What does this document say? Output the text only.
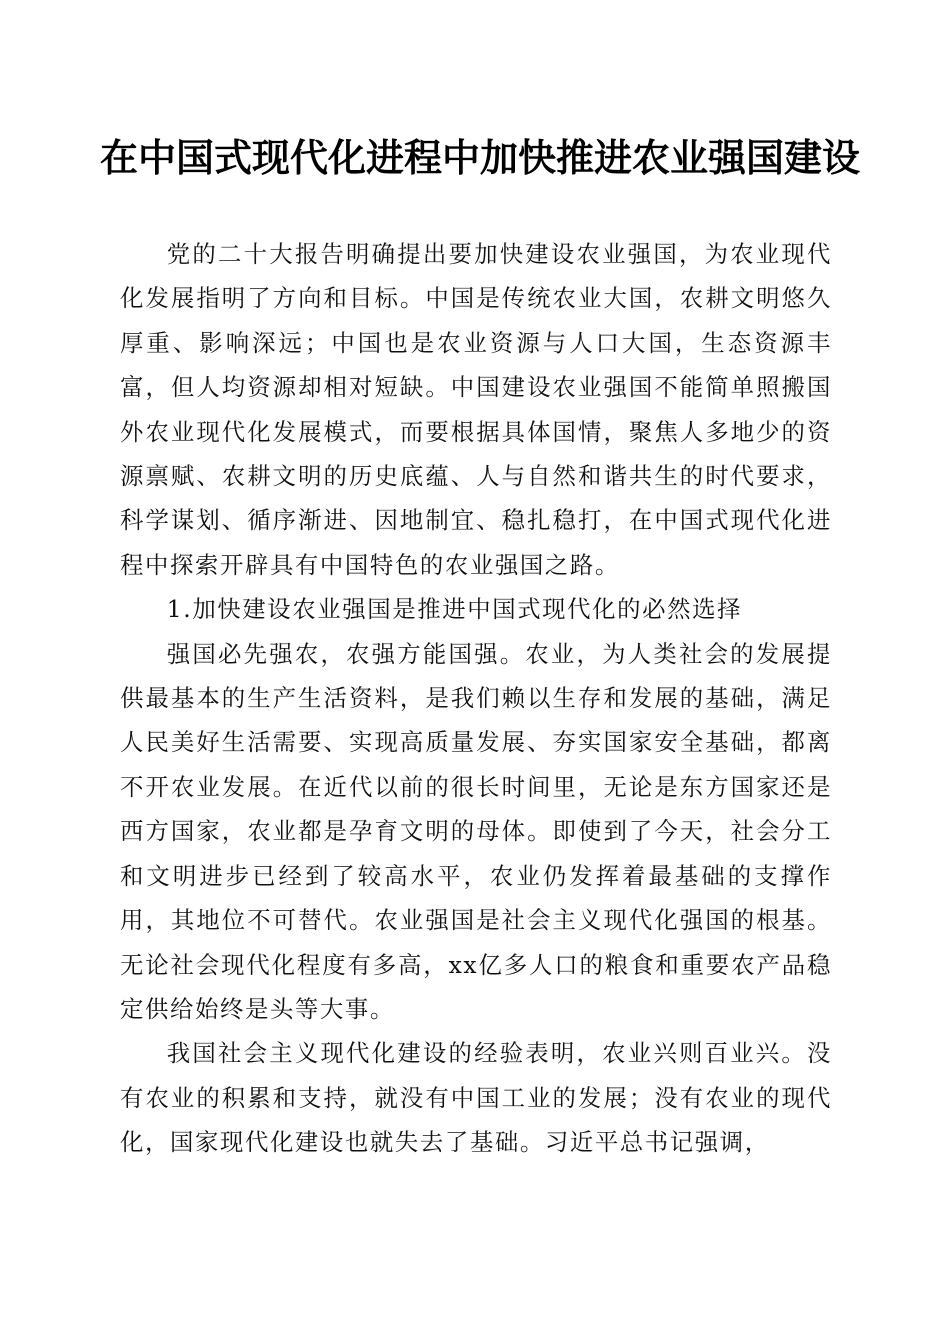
在中国式现代化进程中加快推进农业强国建设

党的二十大报告明确提出要加快建设农业强国，为农业现代化发展指明了方向和目标。中国是传统农业大国，农耕文明悠久厚重、影响深远；中国也是农业资源与人口大国，生态资源丰富，但人均资源却相对短缺。中国建设农业强国不能简单照搬国外农业现代化发展模式，而要根据具体国情，聚焦人多地少的资源禀赋、农耕文明的历史底蕴、人与自然和谐共生的时代要求，科学谋划、循序渐进、因地制宜、稳扎稳打，在中国式现代化进程中探索开辟具有中国特色的农业强国之路。

1.加快建设农业强国是推进中国式现代化的必然选择

强国必先强农，农强方能国强。农业，为人类社会的发展提供最基本的生产生活资料，是我们赖以生存和发展的基础，满足人民美好生活需要、实现高质量发展、夯实国家安全基础，都离不开农业发展。在近代以前的很长时间里，无论是东方国家还是西方国家，农业都是孕育文明的母体。即使到了今天，社会分工和文明进步已经到了较高水平，农业仍发挥着最基础的支撑作用，其地位不可替代。农业强国是社会主义现代化强国的根基。无论社会现代化程度有多高，xx亿多人口的粮食和重要农产品稳定供给始终是头等大事。

我国社会主义现代化建设的经验表明，农业兴则百业兴。没有农业的积累和支持，就没有中国工业的发展；没有农业的现代化，国家现代化建设也就失去了基础。习近平总书记强调，
